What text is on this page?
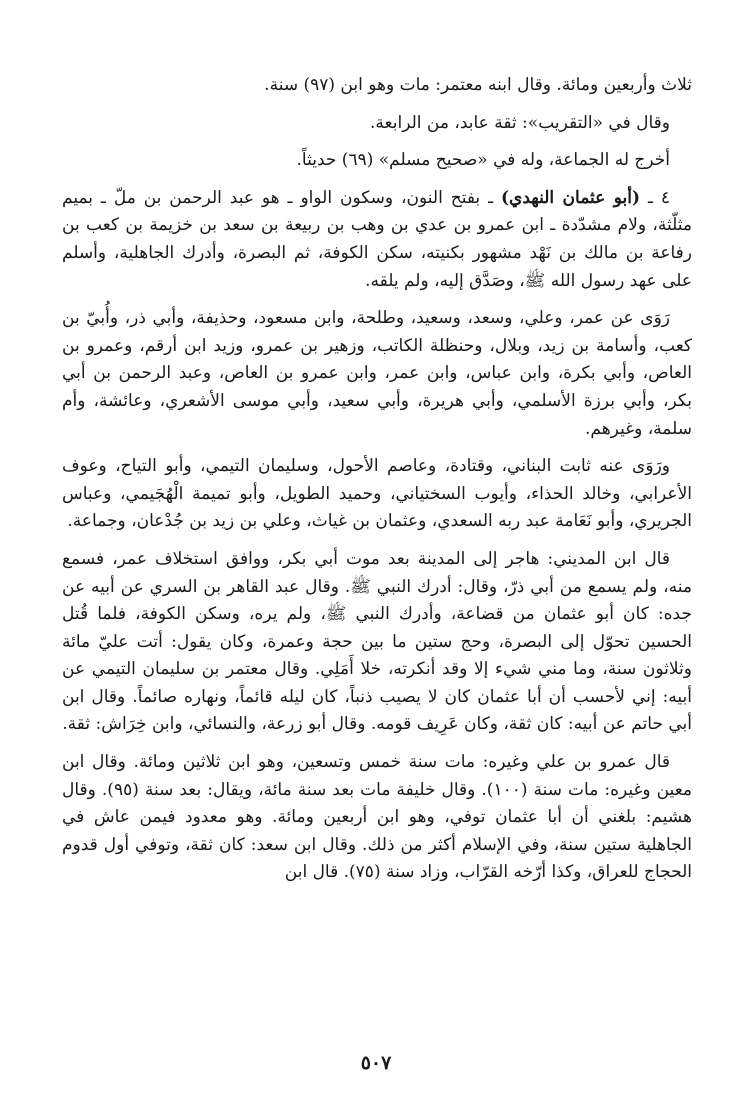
ثلاث وأربعين ومائة. وقال ابنه معتمر: مات وهو ابن (٩٧) سنة.

وقال في «التقريب»: ثقة عابد، من الرابعة.

أخرج له الجماعة، وله في «صحيح مسلم» (٦٩) حديثاً.

٤ ـ (أبو عثمان النهدي) ـ بفتح النون، وسكون الواو ـ هو عبد الرحمن بن ملّ ـ بميم مثلّثة، ولام مشدّدة ـ ابن عمرو بن عدي بن وهب بن ربيعة بن سعد بن خزيمة بن كعب بن رفاعة بن مالك بن نَهْد مشهور بكنيته، سكن الكوفة، ثم البصرة، وأدرك الجاهلية، وأسلم على عهد رسول الله ﷺ، وصَدَّق إليه، ولم يلقه.

رَوَى عن عمر، وعلي، وسعد، وسعيد، وطلحة، وابن مسعود، وحذيفة، وأبي ذر، وأُبيّ بن كعب، وأسامة بن زيد، وبلال، وحنظلة الكاتب، وزهير بن عمرو، وزيد ابن أرقم، وعمرو بن العاص، وأبي بكرة، وابن عباس، وابن عمر، وابن عمرو بن العاص، وعبد الرحمن بن أبي بكر، وأبي برزة الأسلمي، وأبي هريرة، وأبي سعيد، وأبي موسى الأشعري، وعائشة، وأم سلمة، وغيرهم.

ورَوَى عنه ثابت البناني، وقتادة، وعاصم الأحول، وسليمان التيمي، وأبو التياح، وعوف الأعرابي، وخالد الحذاء، وأيوب السختياني، وحميد الطويل، وأبو تميمة الْهُجَيمي، وعباس الجريري، وأبو نَعَامة عبد ربه السعدي، وعثمان بن غياث، وعلي بن زيد بن جُدْعان، وجماعة.

قال ابن المديني: هاجر إلى المدينة بعد موت أبي بكر، ووافق استخلاف عمر، فسمع منه، ولم يسمع من أبي ذرّ، وقال: أدرك النبي ﷺ. وقال عبد القاهر بن السري عن أبيه عن جده: كان أبو عثمان من قضاعة، وأدرك النبي ﷺ، ولم يره، وسكن الكوفة، فلما قُتل الحسين تحوّل إلى البصرة، وحج ستين ما بين حجة وعمرة، وكان يقول: أتت عليّ مائة وثلاثون سنة، وما مني شيء إلا وقد أنكرته، خلا أَمَلِي. وقال معتمر بن سليمان التيمي عن أبيه: إني لأحسب أن أبا عثمان كان لا يصيب ذنباً، كان ليله قائماً، ونهاره صائماً. وقال ابن أبي حاتم عن أبيه: كان ثقة، وكان عَرِيف قومه. وقال أبو زرعة، والنسائي، وابن خِرَاش: ثقة.

قال عمرو بن علي وغيره: مات سنة خمس وتسعين، وهو ابن ثلاثين ومائة. وقال ابن معين وغيره: مات سنة (١٠٠). وقال خليفة مات بعد سنة مائة، ويقال: بعد سنة (٩٥). وقال هشيم: بلغني أن أبا عثمان توفي، وهو ابن أربعين ومائة. وهو معدود فيمن عاش في الجاهلية ستين سنة، وفي الإسلام أكثر من ذلك. وقال ابن سعد: كان ثقة، وتوفي أول قدوم الحجاج للعراق، وكذا أرّخه القرّاب، وزاد سنة (٧٥). قال ابن

٥٠٧
